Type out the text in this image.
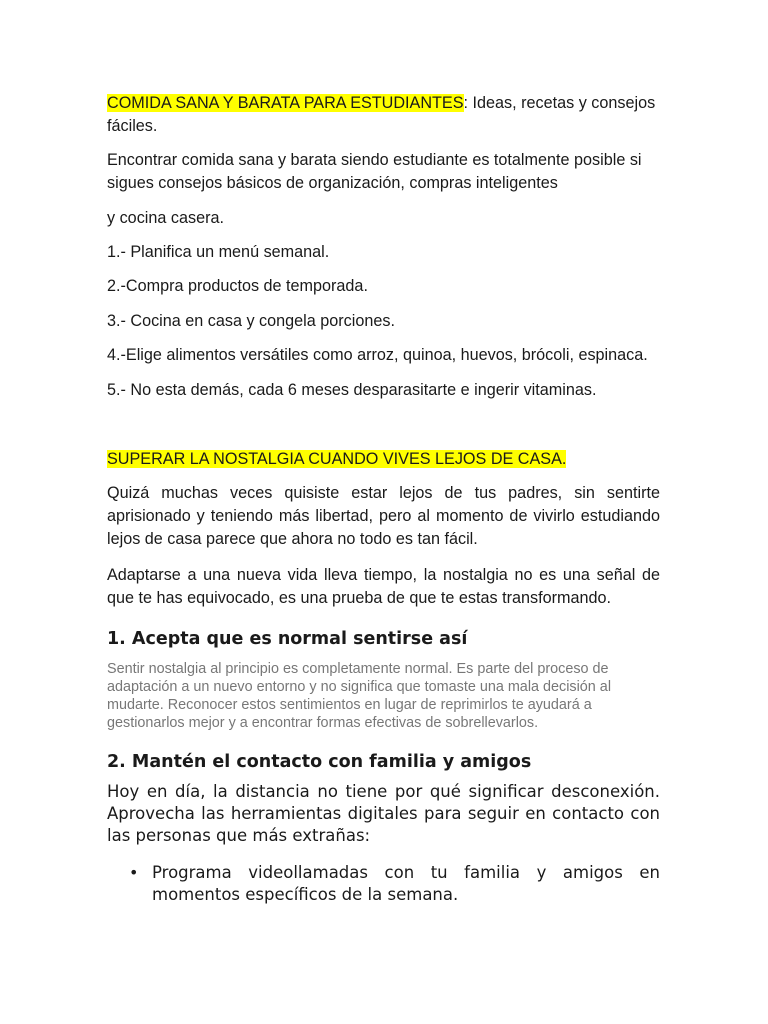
COMIDA SANA Y BARATA PARA ESTUDIANTES: Ideas, recetas y consejos fáciles.

Encontrar comida sana y barata siendo estudiante es totalmente posible si sigues consejos básicos de organización, compras inteligentes

y cocina casera.

1.- Planifica un menú semanal.

2.-Compra productos de temporada.

3.- Cocina en casa y congela porciones.

4.-Elige alimentos versátiles como arroz, quinoa, huevos, brócoli, espinaca.

5.- No esta demás, cada 6 meses desparasitarte e ingerir vitaminas.

SUPERAR LA NOSTALGIA CUANDO VIVES LEJOS DE CASA.

Quizá muchas veces quisiste estar lejos de tus padres, sin sentirte aprisionado y teniendo más libertad, pero al momento de vivirlo estudiando lejos de casa parece que ahora no todo es tan fácil.

Adaptarse a una nueva vida lleva tiempo, la nostalgia no es una señal de que te has equivocado, es una prueba de que te estas transformando.

1. Acepta que es normal sentirse así

Sentir nostalgia al principio es completamente normal. Es parte del proceso de adaptación a un nuevo entorno y no significa que tomaste una mala decisión al mudarte. Reconocer estos sentimientos en lugar de reprimirlos te ayudará a gestionarlos mejor y a encontrar formas efectivas de sobrellevarlos.

2. Mantén el contacto con familia y amigos

Hoy en día, la distancia no tiene por qué significar desconexión. Aprovecha las herramientas digitales para seguir en contacto con las personas que más extrañas:

• Programa videollamadas con tu familia y amigos en momentos específicos de la semana.
